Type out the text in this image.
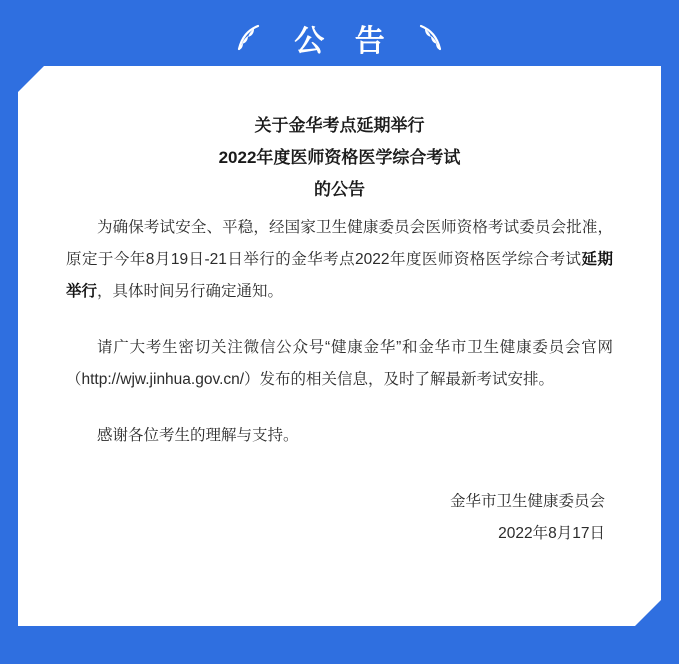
公 告
关于金华考点延期举行
2022年度医师资格医学综合考试
的公告

为确保考试安全、平稳，经国家卫生健康委员会医师资格考试委员会批准，原定于今年8月19日-21日举行的金华考点2022年度医师资格医学综合考试延期举行，具体时间另行确定通知。

请广大考生密切关注微信公众号“健康金华”和金华市卫生健康委员会官网（http://wjw.jinhua.gov.cn/）发布的相关信息，及时了解最新考试安排。

感谢各位考生的理解与支持。

金华市卫生健康委员会
2022年8月17日
